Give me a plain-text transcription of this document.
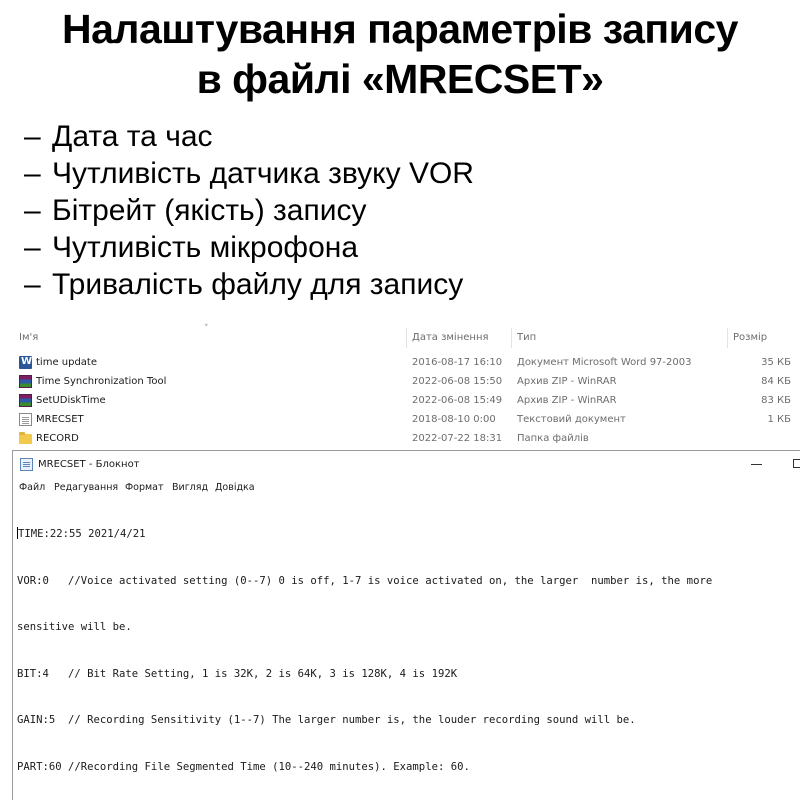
Налаштування параметрів запису
в файлі «MRECSET»
– Дата та час
– Чутливість датчика звуку VOR
– Бітрейт (якість) запису
– Чутливість мікрофона
– Тривалість файлу для запису
˅
Ім'я	Дата змінення	Тип	Розмір
W
time update	2016-08-17 16:10 Документ Microsoft Word 97-2003	35 КБ
Time Synchronization Tool	2022-06-08 15:50 Архив ZIP - WinRAR	84 КБ
SetUDiskTime	2022-06-08 15:49 Архив ZIP - WinRAR	83 КБ
MRECSET	2018-08-10 0:00 Текстовий документ	1 КБ
RECORD	2022-07-22 18:31 Папка файлів
MRECSET - Блокнот
Файл Редагування Формат Вигляд Довідка

TIME:22:55 2021/4/21

VOR:0   //Voice activated setting (0--7) 0 is off, 1-7 is voice activated on, the larger  number is, the more

sensitive will be.

BIT:4   // Bit Rate Setting, 1 is 32K, 2 is 64K, 3 is 128K, 4 is 192K

GAIN:5  // Recording Sensitivity (1--7) The larger number is, the louder recording sound will be.

PART:60 //Recording File Segmented Time (10--240 minutes). Example: 60.
